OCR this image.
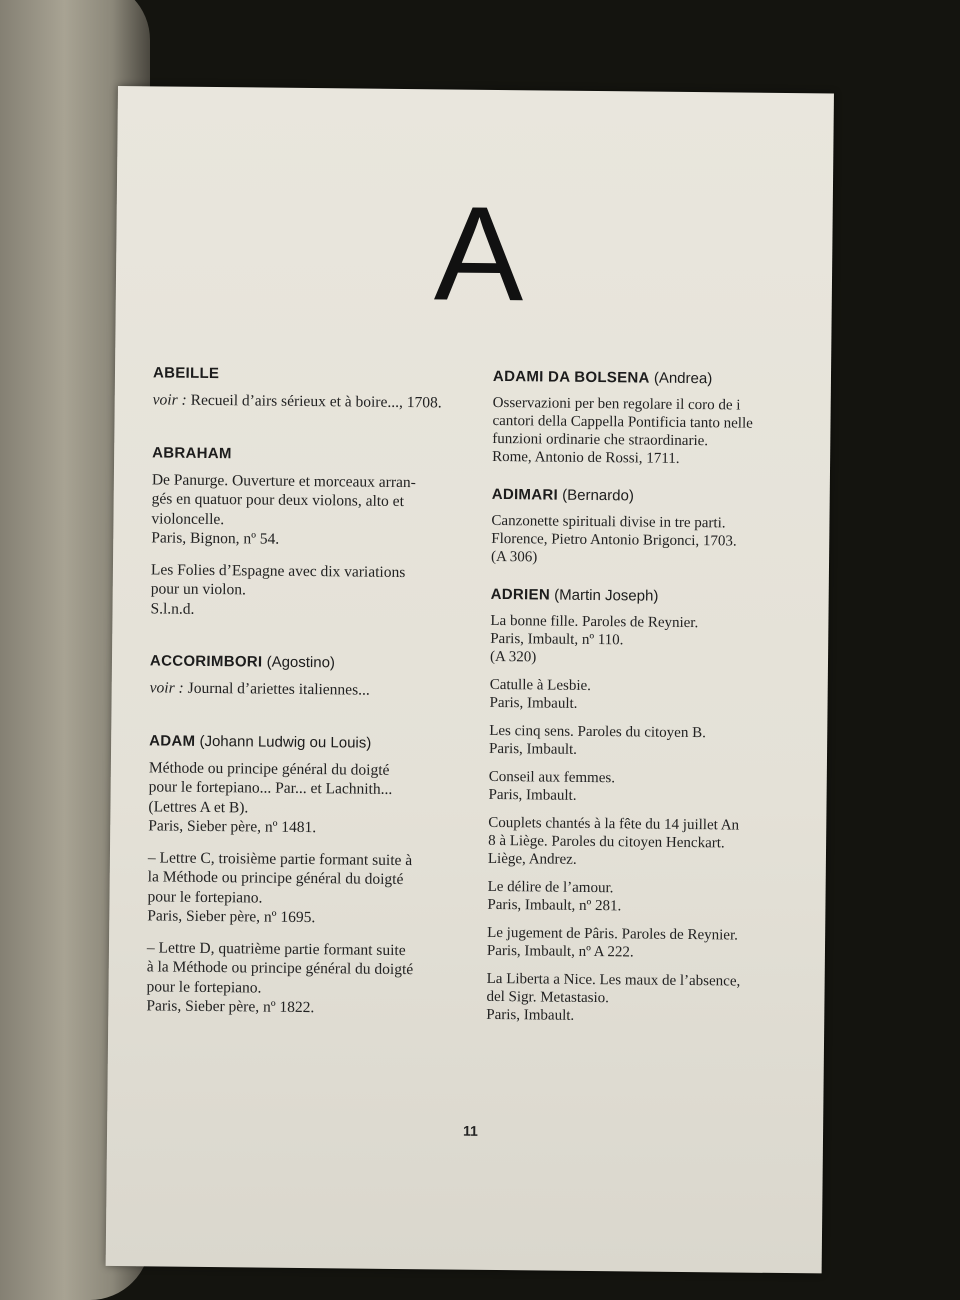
A
ABEILLE
voir : Recueil d’airs sérieux et à boire..., 1708.
ABRAHAM
De Panurge. Ouverture et morceaux arran-
gés en quatuor pour deux violons, alto et
violoncelle.
Paris, Bignon, nº 54.
Les Folies d’Espagne avec dix variations
pour un violon.
S.l.n.d.
ACCORIMBORI (Agostino)
voir : Journal d’ariettes italiennes...
ADAM (Johann Ludwig ou Louis)
Méthode ou principe général du doigté
pour le fortepiano... Par... et Lachnith...
(Lettres A et B).
Paris, Sieber père, nº 1481.
– Lettre C, troisième partie formant suite à
la Méthode ou principe général du doigté
pour le fortepiano.
Paris, Sieber père, nº 1695.
– Lettre D, quatrième partie formant suite
à la Méthode ou principe général du doigté
pour le fortepiano.
Paris, Sieber père, nº 1822.
ADAMI DA BOLSENA (Andrea)
Osservazioni per ben regolare il coro de i
cantori della Cappella Pontificia tanto nelle
funzioni ordinarie che straordinarie.
Rome, Antonio de Rossi, 1711.
ADIMARI (Bernardo)
Canzonette spirituali divise in tre parti.
Florence, Pietro Antonio Brigonci, 1703.
(A 306)
ADRIEN (Martin Joseph)
La bonne fille. Paroles de Reynier.
Paris, Imbault, nº 110.
(A 320)
Catulle à Lesbie.
Paris, Imbault.
Les cinq sens. Paroles du citoyen B.
Paris, Imbault.
Conseil aux femmes.
Paris, Imbault.
Couplets chantés à la fête du 14 juillet An
8 à Liège. Paroles du citoyen Henckart.
Liège, Andrez.
Le délire de l’amour.
Paris, Imbault, nº 281.
Le jugement de Pâris. Paroles de Reynier.
Paris, Imbault, nº A 222.
La Liberta a Nice. Les maux de l’absence,
del Sigr. Metastasio.
Paris, Imbault.
11
